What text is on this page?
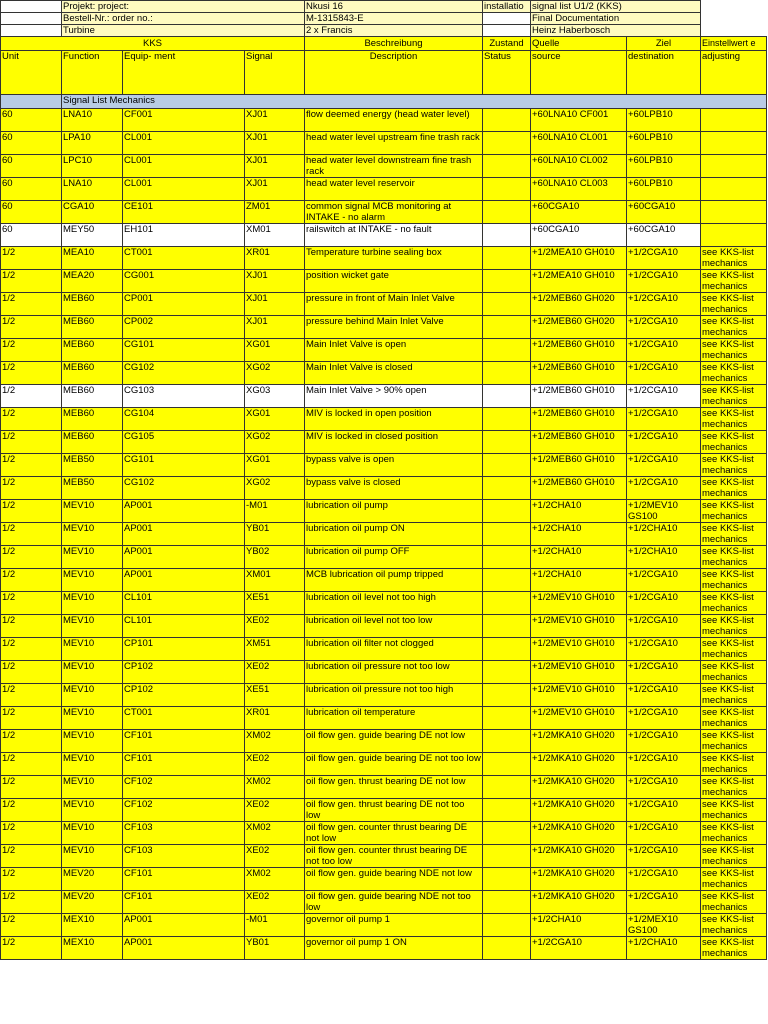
	Projekt: project:			Nkusi 16	installatio	signal list U1/2 (KKS)		
	Bestell-Nr.: order no.:			M-1315843-E		Final Documentation		
	Turbine			2 x Francis		Heinz Haberbosch		
KKS				Beschreibung	Zustand	Quelle	Ziel	Einstellwert e
Unit	Function	Equip- ment	Signal	Description	Status	source	destination	adjusting
	Signal List Mechanics							
60	LNA10	CF001	XJ01	flow deemed energy (head water level)		+60LNA10 CF001	+60LPB10	
60	LPA10	CL001	XJ01	head water level upstream fine trash rack		+60LNA10 CL001	+60LPB10	
60	LPC10	CL001	XJ01	head water level downstream fine trash rack		+60LNA10 CL002	+60LPB10	
60	LNA10	CL001	XJ01	head water level reservoir		+60LNA10 CL003	+60LPB10	
60	CGA10	CE101	ZM01	common signal MCB monitoring at INTAKE - no alarm		+60CGA10	+60CGA10	
60	MEY50	EH101	XM01	railswitch at INTAKE - no fault		+60CGA10	+60CGA10	
1/2	MEA10	CT001	XR01	Temperature turbine sealing box		+1/2MEA10 GH010	+1/2CGA10	see KKS-list mechanics
1/2	MEA20	CG001	XJ01	position wicket gate		+1/2MEA10 GH010	+1/2CGA10	see KKS-list mechanics
1/2	MEB60	CP001	XJ01	pressure in front of Main Inlet Valve		+1/2MEB60 GH020	+1/2CGA10	see KKS-list mechanics
1/2	MEB60	CP002	XJ01	pressure behind Main Inlet Valve		+1/2MEB60 GH020	+1/2CGA10	see KKS-list mechanics
1/2	MEB60	CG101	XG01	Main Inlet Valve is open		+1/2MEB60 GH010	+1/2CGA10	see KKS-list mechanics
1/2	MEB60	CG102	XG02	Main Inlet Valve is closed		+1/2MEB60 GH010	+1/2CGA10	see KKS-list mechanics
1/2	MEB60	CG103	XG03	Main Inlet Valve > 90% open		+1/2MEB60 GH010	+1/2CGA10	see KKS-list mechanics
1/2	MEB60	CG104	XG01	MIV is locked in open position		+1/2MEB60 GH010	+1/2CGA10	see KKS-list mechanics
1/2	MEB60	CG105	XG02	MIV is locked in closed position		+1/2MEB60 GH010	+1/2CGA10	see KKS-list mechanics
1/2	MEB50	CG101	XG01	bypass valve is open		+1/2MEB60 GH010	+1/2CGA10	see KKS-list mechanics
1/2	MEB50	CG102	XG02	bypass valve is closed		+1/2MEB60 GH010	+1/2CGA10	see KKS-list mechanics
1/2	MEV10	AP001	-M01	lubrication oil pump		+1/2CHA10	+1/2MEV10 GS100	see KKS-list mechanics
1/2	MEV10	AP001	YB01	lubrication oil pump ON		+1/2CHA10	+1/2CHA10	see KKS-list mechanics
1/2	MEV10	AP001	YB02	lubrication oil pump OFF		+1/2CHA10	+1/2CHA10	see KKS-list mechanics
1/2	MEV10	AP001	XM01	MCB lubrication oil pump tripped		+1/2CHA10	+1/2CGA10	see KKS-list mechanics
1/2	MEV10	CL101	XE51	lubrication oil level not too high		+1/2MEV10 GH010	+1/2CGA10	see KKS-list mechanics
1/2	MEV10	CL101	XE02	lubrication oil level not too low		+1/2MEV10 GH010	+1/2CGA10	see KKS-list mechanics
1/2	MEV10	CP101	XM51	lubrication oil filter not clogged		+1/2MEV10 GH010	+1/2CGA10	see KKS-list mechanics
1/2	MEV10	CP102	XE02	lubrication oil pressure not too low		+1/2MEV10 GH010	+1/2CGA10	see KKS-list mechanics
1/2	MEV10	CP102	XE51	lubrication oil pressure not too high		+1/2MEV10 GH010	+1/2CGA10	see KKS-list mechanics
1/2	MEV10	CT001	XR01	lubrication oil temperature		+1/2MEV10 GH010	+1/2CGA10	see KKS-list mechanics
1/2	MEV10	CF101	XM02	oil flow gen. guide bearing DE not low		+1/2MKA10 GH020	+1/2CGA10	see KKS-list mechanics
1/2	MEV10	CF101	XE02	oil flow gen. guide bearing DE not too low		+1/2MKA10 GH020	+1/2CGA10	see KKS-list mechanics
1/2	MEV10	CF102	XM02	oil flow gen. thrust bearing DE not low		+1/2MKA10 GH020	+1/2CGA10	see KKS-list mechanics
1/2	MEV10	CF102	XE02	oil flow gen. thrust bearing DE not too low		+1/2MKA10 GH020	+1/2CGA10	see KKS-list mechanics
1/2	MEV10	CF103	XM02	oil flow gen. counter thrust bearing DE not low		+1/2MKA10 GH020	+1/2CGA10	see KKS-list mechanics
1/2	MEV10	CF103	XE02	oil flow gen. counter thrust bearing DE not too low		+1/2MKA10 GH020	+1/2CGA10	see KKS-list mechanics
1/2	MEV20	CF101	XM02	oil flow gen. guide bearing NDE not low		+1/2MKA10 GH020	+1/2CGA10	see KKS-list mechanics
1/2	MEV20	CF101	XE02	oil flow gen. guide bearing NDE not too low		+1/2MKA10 GH020	+1/2CGA10	see KKS-list mechanics
1/2	MEX10	AP001	-M01	governor oil pump 1		+1/2CHA10	+1/2MEX10 GS100	see KKS-list mechanics
1/2	MEX10	AP001	YB01	governor oil pump 1 ON		+1/2CGA10	+1/2CHA10	see KKS-list mechanics
